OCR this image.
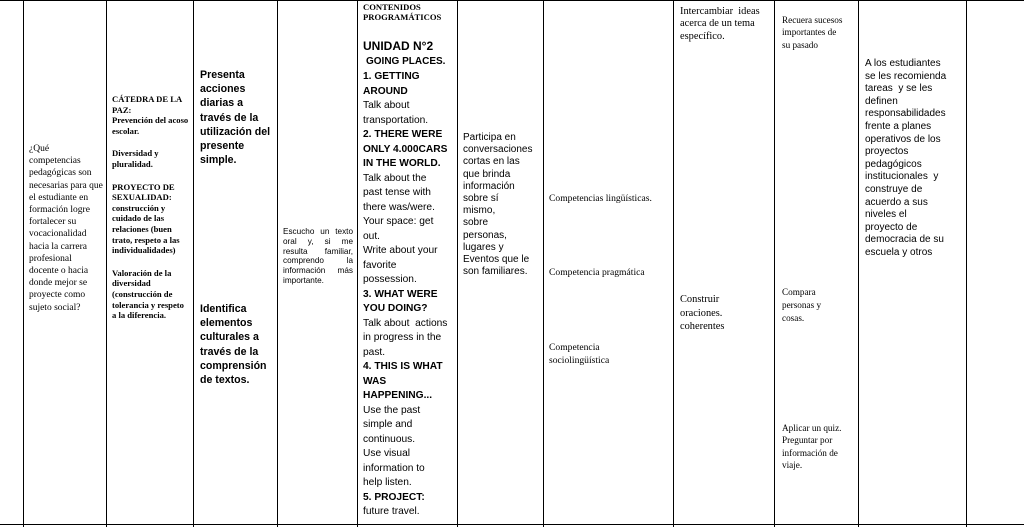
¿Qué competencias pedagógicas son necesarias para que el estudiante en formación logre fortalecer su vocacionalidad hacia la carrera profesional docente o hacia donde mejor se proyecte como sujeto social?
CÁTEDRA DE LA PAZ:
Prevención del acoso escolar.
Diversidad y pluralidad.
PROYECTO DE SEXUALIDAD:
construcción y cuidado de las relaciones (buen trato, respeto a las individualidades)
Valoración de la diversidad (construcción de tolerancia y respeto a la diferencia.
Presenta acciones diarias a través de la utilización del presente simple.
Identifica elementos culturales a través de la comprensión de textos.
Escucho un texto oral y, si me resulta familiar, comprendo la información más importante.
CONTENIDOS PROGRAMÁTICOS
UNIDAD N°2
GOING PLACES.
1. GETTING
AROUND
Talk about
transportation.
2. THERE WERE
ONLY 4.000CARS
IN THE WORLD.
Talk about the
past tense with
there was/were.
Your space: get
out.
Write about your
favorite
possession.
3. WHAT WERE
YOU DOING?
Talk about  actions
in progress in the
past.
4. THIS IS WHAT
WAS
HAPPENING...
Use the past
simple and
continuous.
Use visual
information to
help listen.
5. PROJECT:
future travel.
Participa en
conversaciones
cortas en las
que brinda
información
sobre sí
mismo,
sobre
personas,
lugares y
Eventos que le
son familiares.
Competencias lingüísticas.
Competencia pragmática
Competencia
sociolingüística
Intercambiar  ideas
acerca de un tema
específico.
Construir
oraciones.
coherentes
Recuera sucesos
importantes de
su pasado
Compara
personas y
cosas.
Aplicar un quiz.
Preguntar por
información de
viaje.
A los estudiantes
se les recomienda
tareas  y se les
definen
responsabilidades
frente a planes
operativos de los
proyectos
pedagógicos
institucionales  y
construye de
acuerdo a sus
niveles el
proyecto de
democracia de su
escuela y otros
